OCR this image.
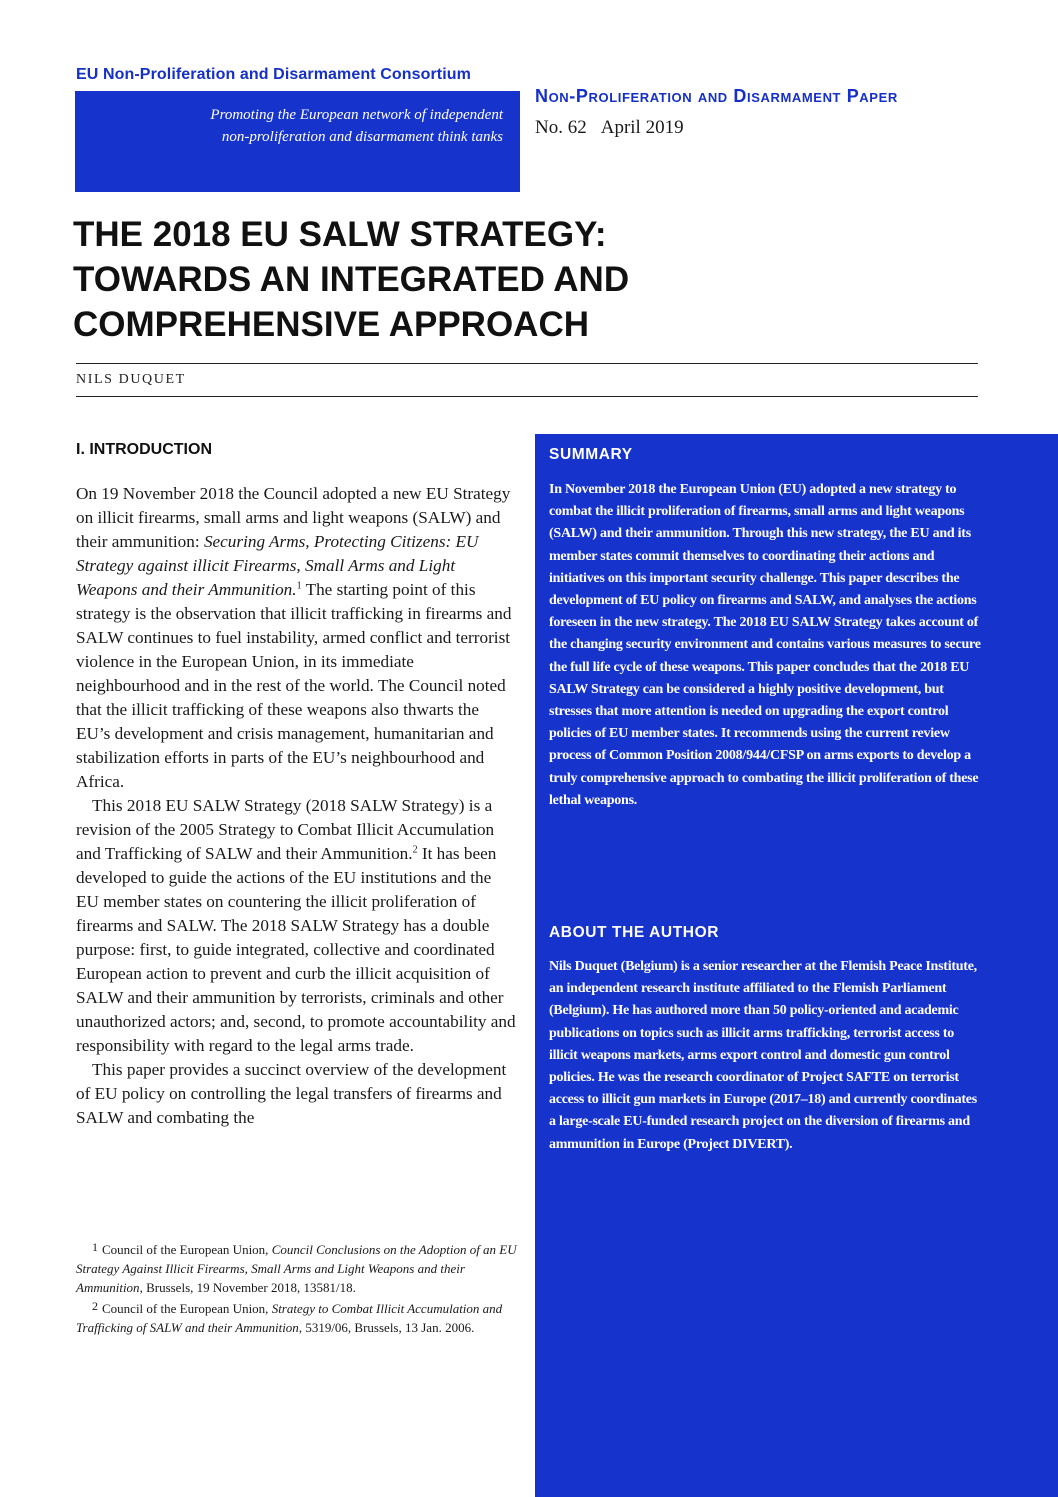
EU Non-Proliferation and Disarmament Consortium
Promoting the European network of independent
non-proliferation and disarmament think tanks
Non-Proliferation and Disarmament Paper
No. 62 April 2019
THE 2018 EU SALW STRATEGY:
TOWARDS AN INTEGRATED AND
COMPREHENSIVE APPROACH
NILS DUQUET
I. INTRODUCTION

On 19 November 2018 the Council adopted a new EU Strategy on illicit firearms, small arms and light weapons (SALW) and their ammunition: Securing Arms, Protecting Citizens: EU Strategy against illicit Firearms, Small Arms and Light Weapons and their Ammunition.$^1$ The starting point of this strategy is the observation that illicit trafficking in firearms and SALW continues to fuel instability, armed conflict and terrorist violence in the European Union, in its immediate neighbourhood and in the rest of the world. The Council noted that the illicit trafficking of these weapons also thwarts the EU’s development and crisis management, humanitarian and stabilization efforts in parts of the EU’s neighbourhood and Africa.

This 2018 EU SALW Strategy (2018 SALW Strategy) is a revision of the 2005 Strategy to Combat Illicit Accumulation and Trafficking of SALW and their Ammunition.$^2$ It has been developed to guide the actions of the EU institutions and the EU member states on countering the illicit proliferation of firearms and SALW. The 2018 SALW Strategy has a double purpose: first, to guide integrated, collective and coordinated European action to prevent and curb the illicit acquisition of SALW and their ammunition by terrorists, criminals and other unauthorized actors; and, second, to promote accountability and responsibility with regard to the legal arms trade.

This paper provides a succinct overview of the development of EU policy on controlling the legal transfers of firearms and SALW and combating the

1 Council of the European Union, Council Conclusions on the Adoption of an EU Strategy Against Illicit Firearms, Small Arms and Light Weapons and their Ammunition, Brussels, 19 November 2018, 13581/18.

2 Council of the European Union, Strategy to Combat Illicit Accumulation and Trafficking of SALW and their Ammunition, 5319/06, Brussels, 13 Jan. 2006.

SUMMARY

In November 2018 the European Union (EU) adopted a new strategy to combat the illicit proliferation of firearms, small arms and light weapons (SALW) and their ammunition. Through this new strategy, the EU and its member states commit themselves to coordinating their actions and initiatives on this important security challenge. This paper describes the development of EU policy on firearms and SALW, and analyses the actions foreseen in the new strategy. The 2018 EU SALW Strategy takes account of the changing security environment and contains various measures to secure the full life cycle of these weapons. This paper concludes that the 2018 EU SALW Strategy can be considered a highly positive development, but stresses that more attention is needed on upgrading the export control policies of EU member states. It recommends using the current review process of Common Position 2008/944/CFSP on arms exports to develop a truly comprehensive approach to combating the illicit proliferation of these lethal weapons.

ABOUT THE AUTHOR

Nils Duquet (Belgium) is a senior researcher at the Flemish Peace Institute, an independent research institute affiliated to the Flemish Parliament (Belgium). He has authored more than 50 policy-oriented and academic publications on topics such as illicit arms trafficking, terrorist access to illicit weapons markets, arms export control and domestic gun control policies. He was the research coordinator of Project SAFTE on terrorist access to illicit gun markets in Europe (2017–18) and currently coordinates a large-scale EU-funded research project on the diversion of firearms and ammunition in Europe (Project DIVERT).
